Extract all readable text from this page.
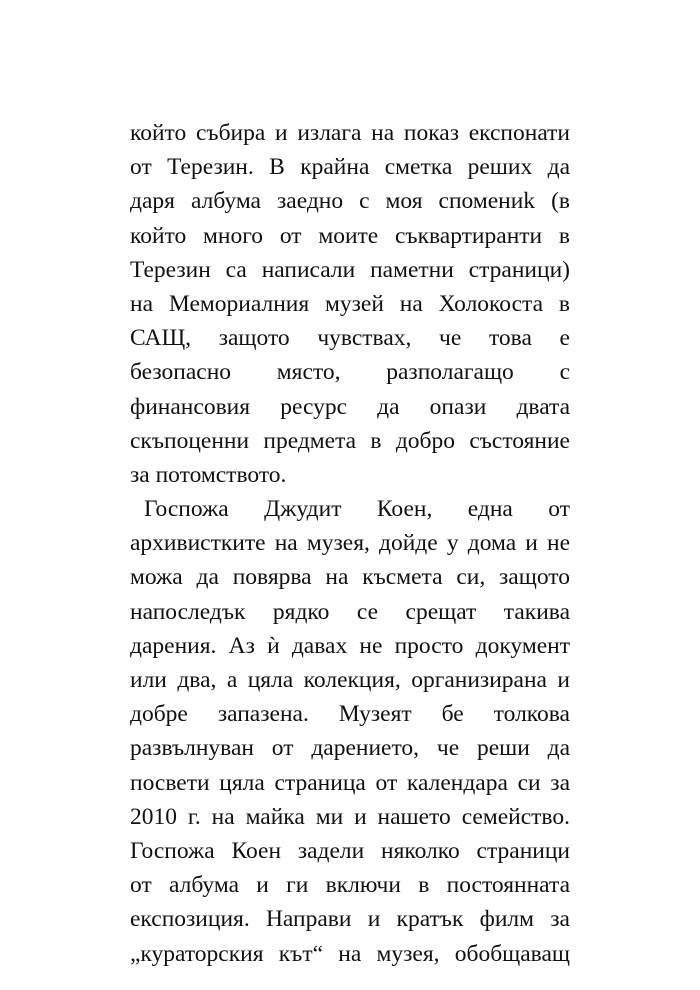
който събира и излага на показ експонати
от Терезин. В крайна сметка реших да
даря албума заедно с моя спомениk (в
който много от моите съквартиранти в
Терезин са написали паметни страници)
на Мемориалния музей на Холокоста в
САЩ, защото чувствах, че това е
безопасно място, разполагащо с
финансовия ресурс да опази двата
скъпоценни предмета в добро състояние
за потомството.
Госпожа Джудит Коен, една от
архивистките на музея, дойде у дома и не
можа да повярва на късмета си, защото
напоследък рядко се срещат такива
дарения. Аз ѝ давах не просто документ
или два, а цяла колекция, организирана и
добре запазена. Музеят бе толкова
развълнуван от дарението, че реши да
посвети цяла страница от календара си за
2010 г. на майка ми и нашето семейство.
Госпожа Коен задели няколко страници
от албума и ги включи в постоянната
експозиция. Направи и кратък филм за
„кураторския кът“ на музея, обобщаващ
